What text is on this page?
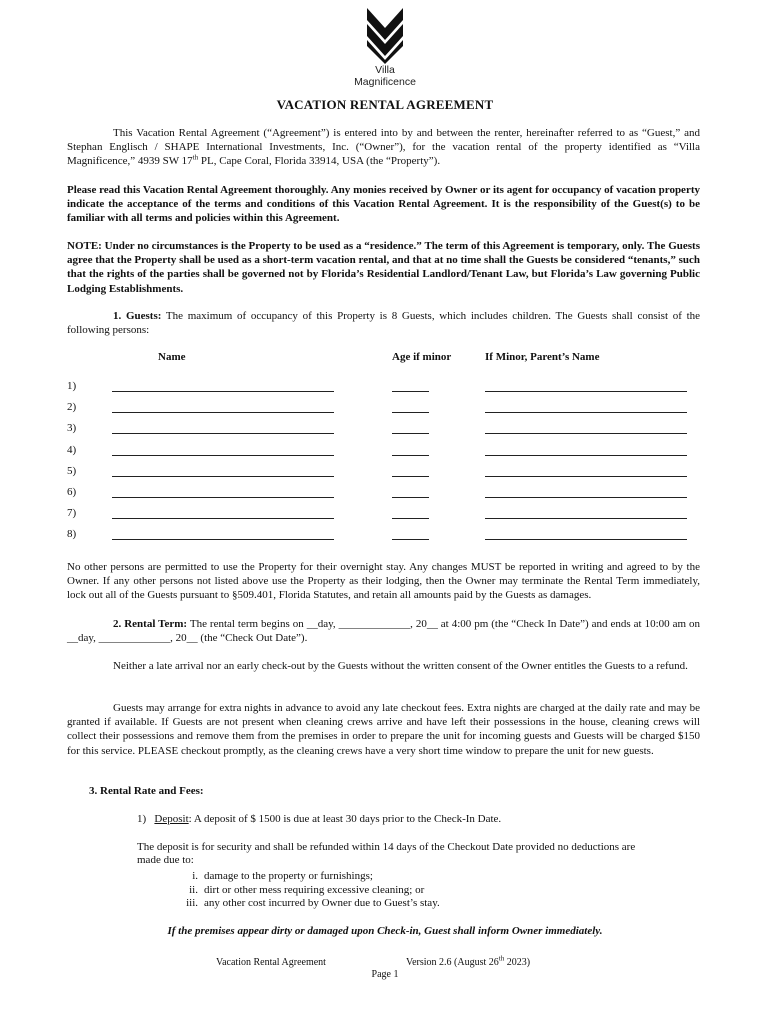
Villa
Magnificence
VACATION RENTAL AGREEMENT
This Vacation Rental Agreement (“Agreement”) is entered into by and between the renter, hereinafter referred to as “Guest,” and Stephan Englisch / SHAPE International Investments, Inc. (“Owner”), for the vacation rental of the property identified as “Villa Magnificence,” 4939 SW 17th PL, Cape Coral, Florida 33914, USA (the “Property”).
Please read this Vacation Rental Agreement thoroughly. Any monies received by Owner or its agent for occupancy of vacation property indicate the acceptance of the terms and conditions of this Vacation Rental Agreement. It is the responsibility of the Guest(s) to be familiar with all terms and policies within this Agreement.
NOTE: Under no circumstances is the Property to be used as a “residence.” The term of this Agreement is temporary, only. The Guests agree that the Property shall be used as a short-term vacation rental, and that at no time shall the Guests be considered “tenants,” such that the rights of the parties shall be governed not by Florida’s Residential Landlord/Tenant Law, but Florida’s Law governing Public Lodging Establishments.
1. Guests: The maximum of occupancy of this Property is 8 Guests, which includes children. The Guests shall consist of the following persons:
Name	Age if minor	If Minor, Parent’s Name
1)
2)
3)
4)
5)
6)
7)
8)
No other persons are permitted to use the Property for their overnight stay. Any changes MUST be reported in writing and agreed to by the Owner. If any other persons not listed above use the Property as their lodging, then the Owner may terminate the Rental Term immediately, lock out all of the Guests pursuant to §509.401, Florida Statutes, and retain all amounts paid by the Guests as damages.
2. Rental Term: The rental term begins on __day, _____________, 20__ at 4:00 pm (the “Check In Date”) and ends at 10:00 am on __day, _____________, 20__ (the “Check Out Date”).
Neither a late arrival nor an early check-out by the Guests without the written consent of the Owner entitles the Guests to a refund.
Guests may arrange for extra nights in advance to avoid any late checkout fees. Extra nights are charged at the daily rate and may be granted if available. If Guests are not present when cleaning crews arrive and have left their possessions in the house, cleaning crews will collect their possessions and remove them from the premises in order to prepare the unit for incoming guests and Guests will be charged $150 for this service. PLEASE checkout promptly, as the cleaning crews have a very short time window to prepare the unit for new guests.
3. Rental Rate and Fees:
1) Deposit: A deposit of $ 1500 is due at least 30 days prior to the Check-In Date.
The deposit is for security and shall be refunded within 14 days of the Checkout Date provided no deductions are made due to:
i. damage to the property or furnishings;
ii. dirt or other mess requiring excessive cleaning; or
iii. any other cost incurred by Owner due to Guest’s stay.
If the premises appear dirty or damaged upon Check-in, Guest shall inform Owner immediately.
Vacation Rental Agreement	Version 2.6 (August 26th 2023)
Page 1
